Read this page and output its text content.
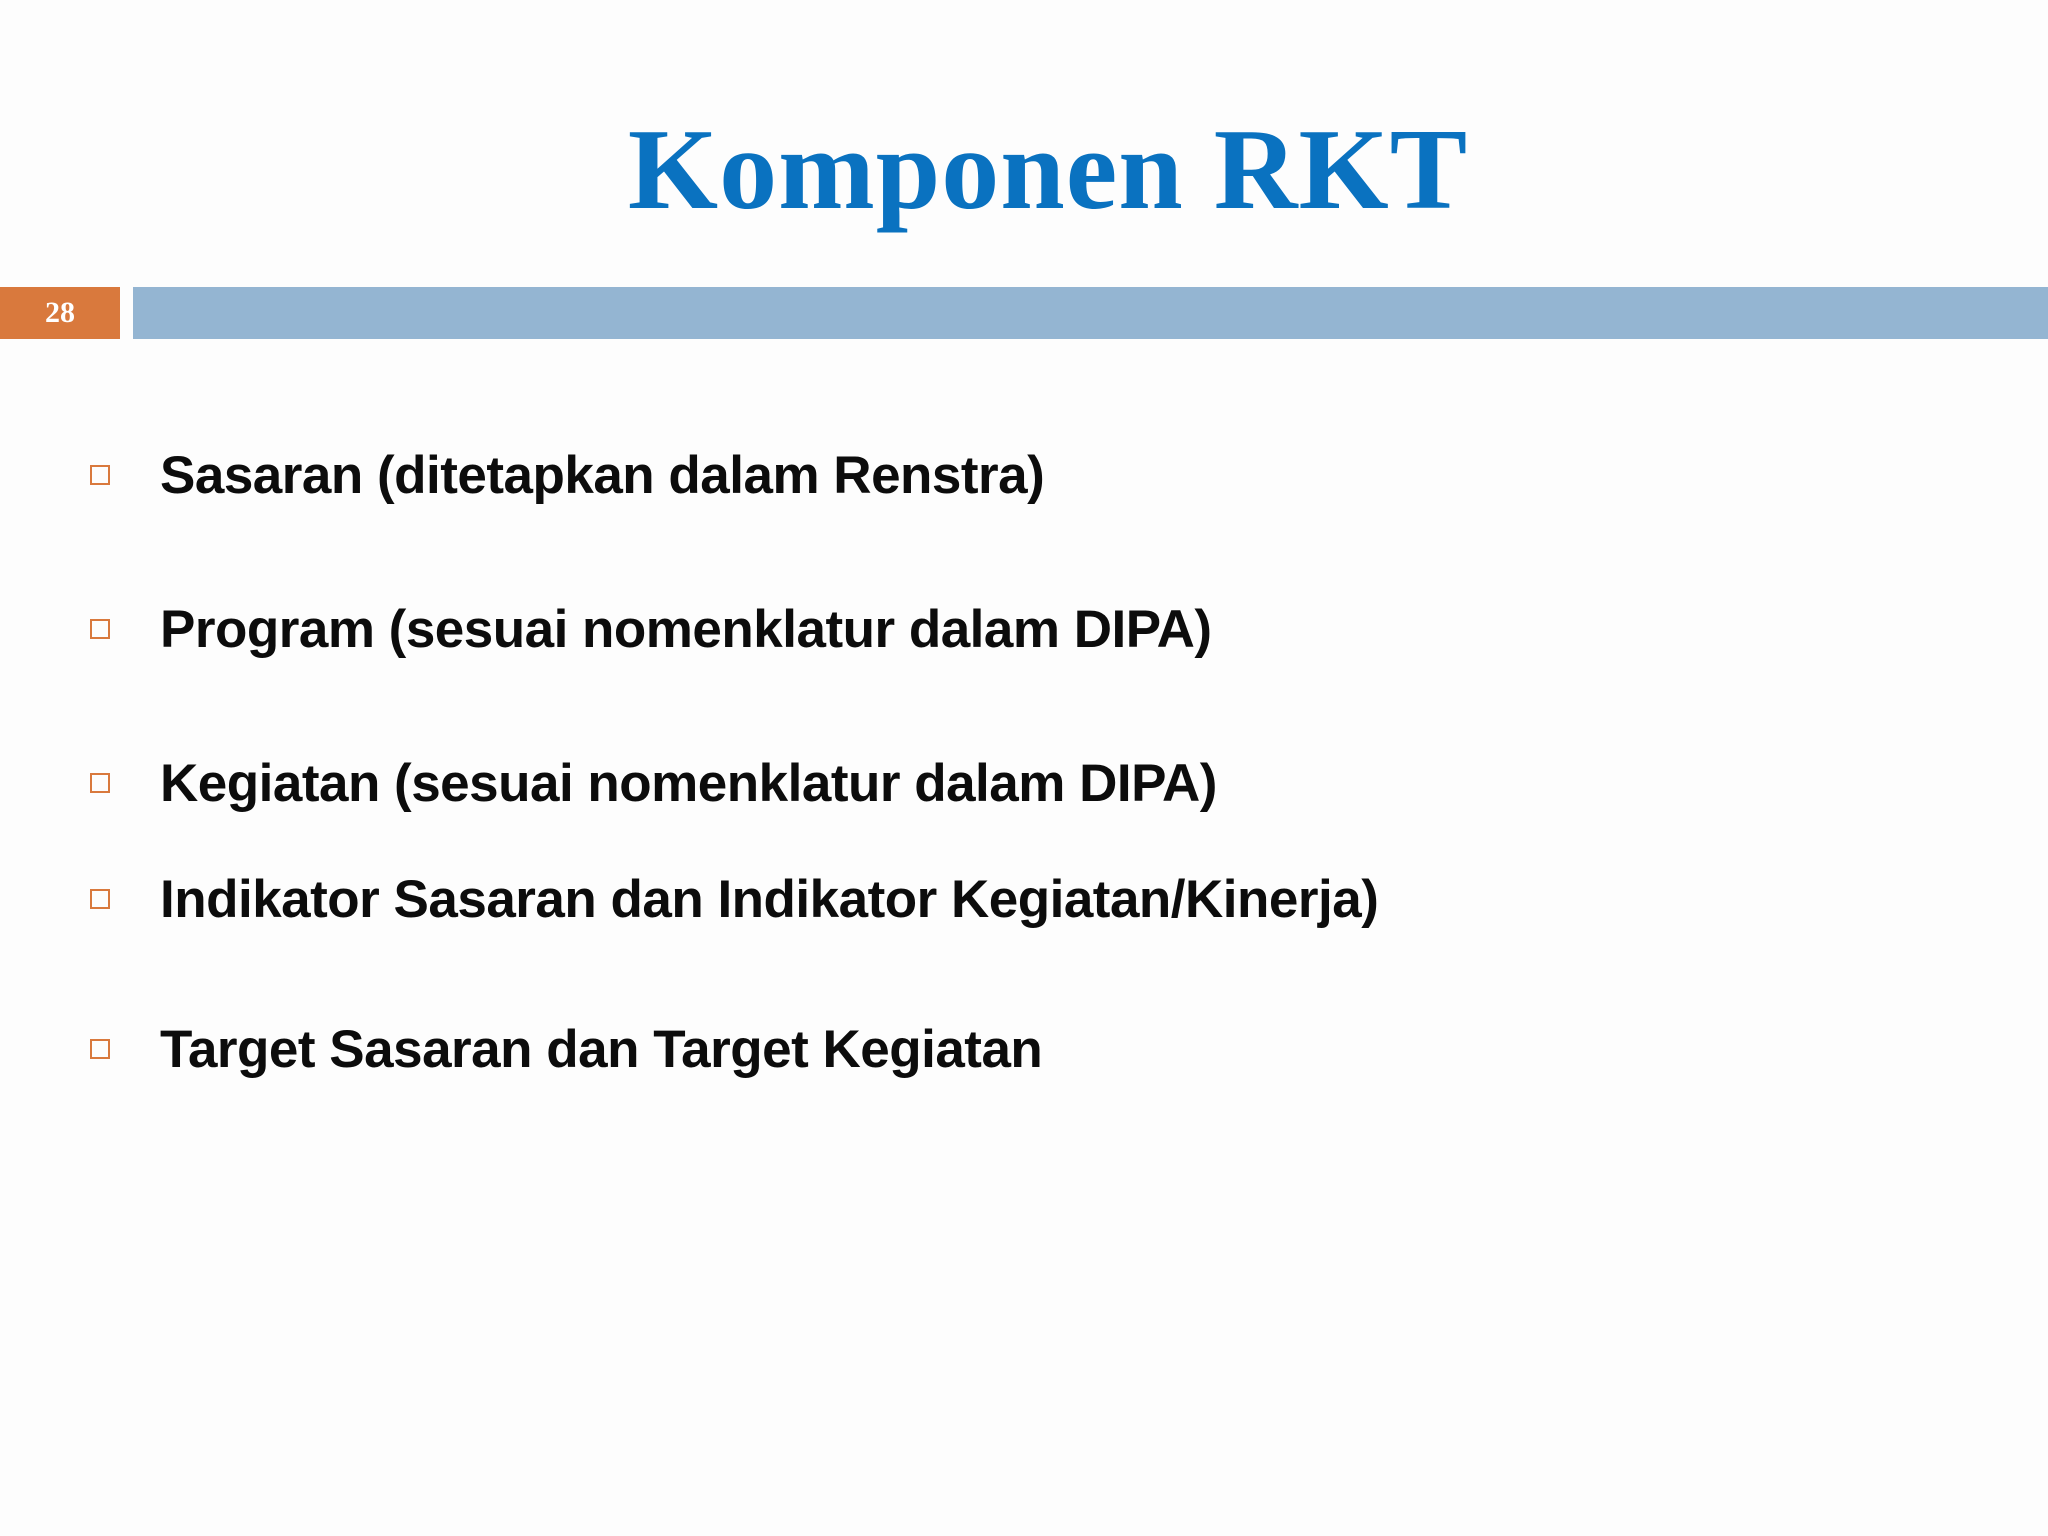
Komponen RKT
28
Sasaran (ditetapkan dalam Renstra)
Program (sesuai nomenklatur dalam DIPA)
Kegiatan (sesuai nomenklatur dalam DIPA)
Indikator Sasaran dan Indikator Kegiatan/Kinerja)
Target Sasaran dan Target Kegiatan
